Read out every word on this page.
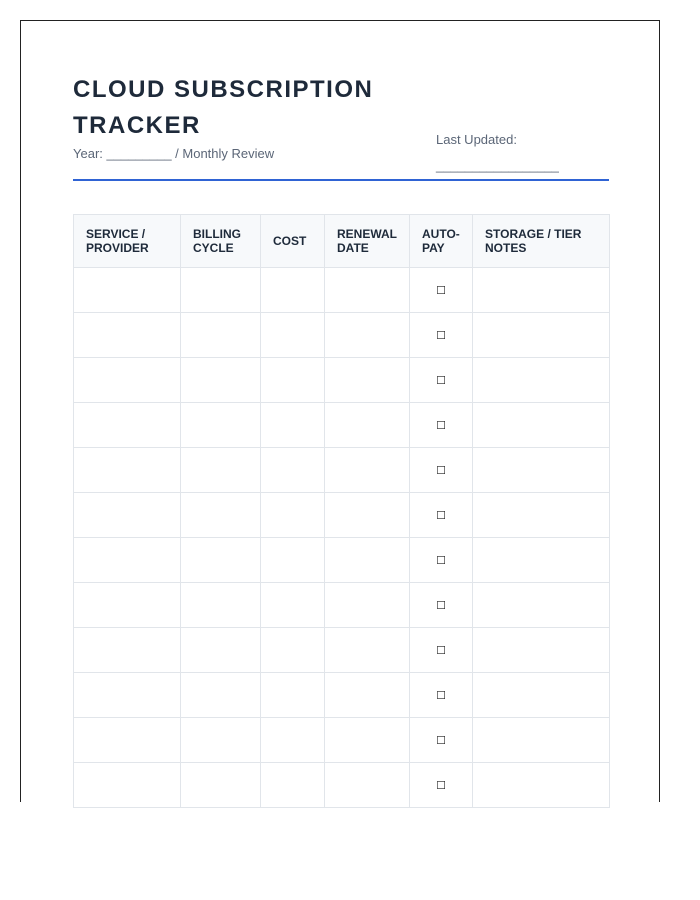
CLOUD SUBSCRIPTION TRACKER
Year: _________ / Monthly Review
Last Updated:
_________________
SERVICE / PROVIDER	BILLING CYCLE	COST	RENEWAL DATE	AUTO-PAY	STORAGE / TIER NOTES
				☐	
				☐	
				☐	
				☐	
				☐	
				☐	
				☐	
				☐	
				☐	
				☐	
				☐	
				☐	
